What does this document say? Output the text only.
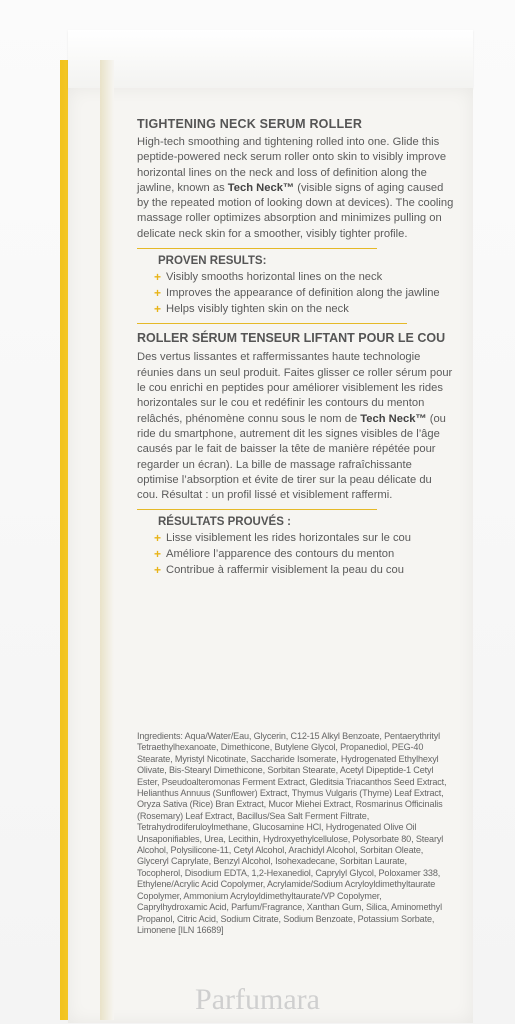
TIGHTENING NECK SERUM ROLLER

High-tech smoothing and tightening rolled into one. Glide this peptide-powered neck serum roller onto skin to visibly improve horizontal lines on the neck and loss of definition along the jawline, known as Tech Neck™ (visible signs of aging caused by the repeated motion of looking down at devices). The cooling massage roller optimizes absorption and minimizes pulling on delicate neck skin for a smoother, visibly tighter profile.

PROVEN RESULTS:
+ Visibly smooths horizontal lines on the neck
+ Improves the appearance of definition along the jawline
+ Helps visibly tighten skin on the neck
ROLLER SÉRUM TENSEUR LIFTANT POUR LE COU

Des vertus lissantes et raffermissantes haute technologie réunies dans un seul produit. Faites glisser ce roller sérum pour le cou enrichi en peptides pour améliorer visiblement les rides horizontales sur le cou et redéfinir les contours du menton relâchés, phénomène connu sous le nom de Tech Neck™ (ou ride du smartphone, autrement dit les signes visibles de l’âge causés par le fait de baisser la tête de manière répétée pour regarder un écran). La bille de massage rafraîchissante optimise l’absorption et évite de tirer sur la peau délicate du cou. Résultat : un profil lissé et visiblement raffermi.

RÉSULTATS PROUVÉS :
+ Lisse visiblement les rides horizontales sur le cou
+ Améliore l’apparence des contours du menton
+ Contribue à raffermir visiblement la peau du cou
Ingredients: Aqua/Water/Eau, Glycerin, C12-15 Alkyl Benzoate, Pentaerythrityl Tetraethylhexanoate, Dimethicone, Butylene Glycol, Propanediol, PEG-40 Stearate, Myristyl Nicotinate, Saccharide Isomerate, Hydrogenated Ethylhexyl Olivate, Bis-Stearyl Dimethicone, Sorbitan Stearate, Acetyl Dipeptide-1 Cetyl Ester, Pseudoalteromonas Ferment Extract, Gleditsia Triacanthos Seed Extract, Helianthus Annuus (Sunflower) Extract, Thymus Vulgaris (Thyme) Leaf Extract, Oryza Sativa (Rice) Bran Extract, Mucor Miehei Extract, Rosmarinus Officinalis (Rosemary) Leaf Extract, Bacillus/Sea Salt Ferment Filtrate, Tetrahydrodiferuloylmethane, Glucosamine HCl, Hydrogenated Olive Oil Unsaponifiables, Urea, Lecithin, Hydroxyethylcellulose, Polysorbate 80, Stearyl Alcohol, Polysilicone-11, Cetyl Alcohol, Arachidyl Alcohol, Sorbitan Oleate, Glyceryl Caprylate, Benzyl Alcohol, Isohexadecane, Sorbitan Laurate, Tocopherol, Disodium EDTA, 1,2-Hexanediol, Caprylyl Glycol, Poloxamer 338, Ethylene/Acrylic Acid Copolymer, Acrylamide/Sodium Acryloyldimethyltaurate Copolymer, Ammonium Acryloyldimethyltaurate/VP Copolymer, Caprylhydroxamic Acid, Parfum/Fragrance, Xanthan Gum, Silica, Aminomethyl Propanol, Citric Acid, Sodium Citrate, Sodium Benzoate, Potassium Sorbate, Limonene [ILN 16689]
Parfumara
